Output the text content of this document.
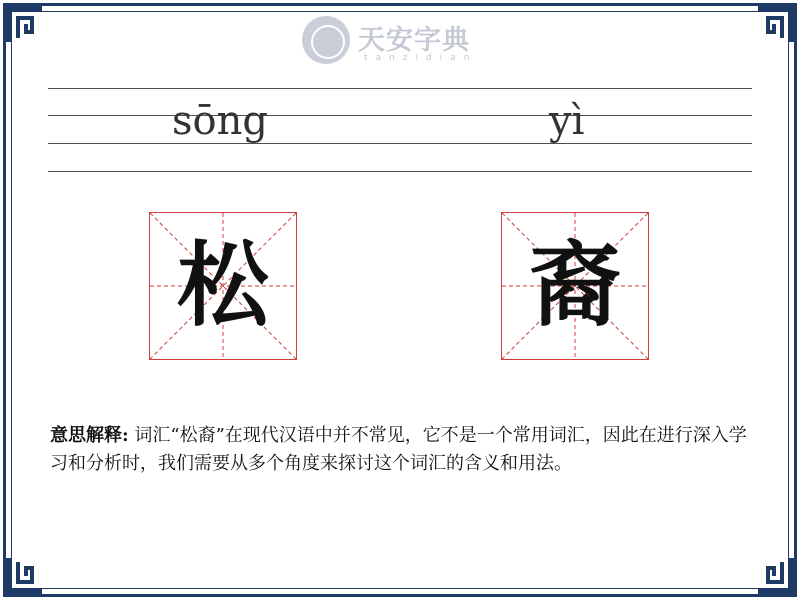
天安字典
tanzidian
sōng	yì
松	裔
意思解释: 词汇“松裔”在现代汉语中并不常见，它不是一个常用词汇，因此在进行深入学习和分析时，我们需要从多个角度来探讨这个词汇的含义和用法。
